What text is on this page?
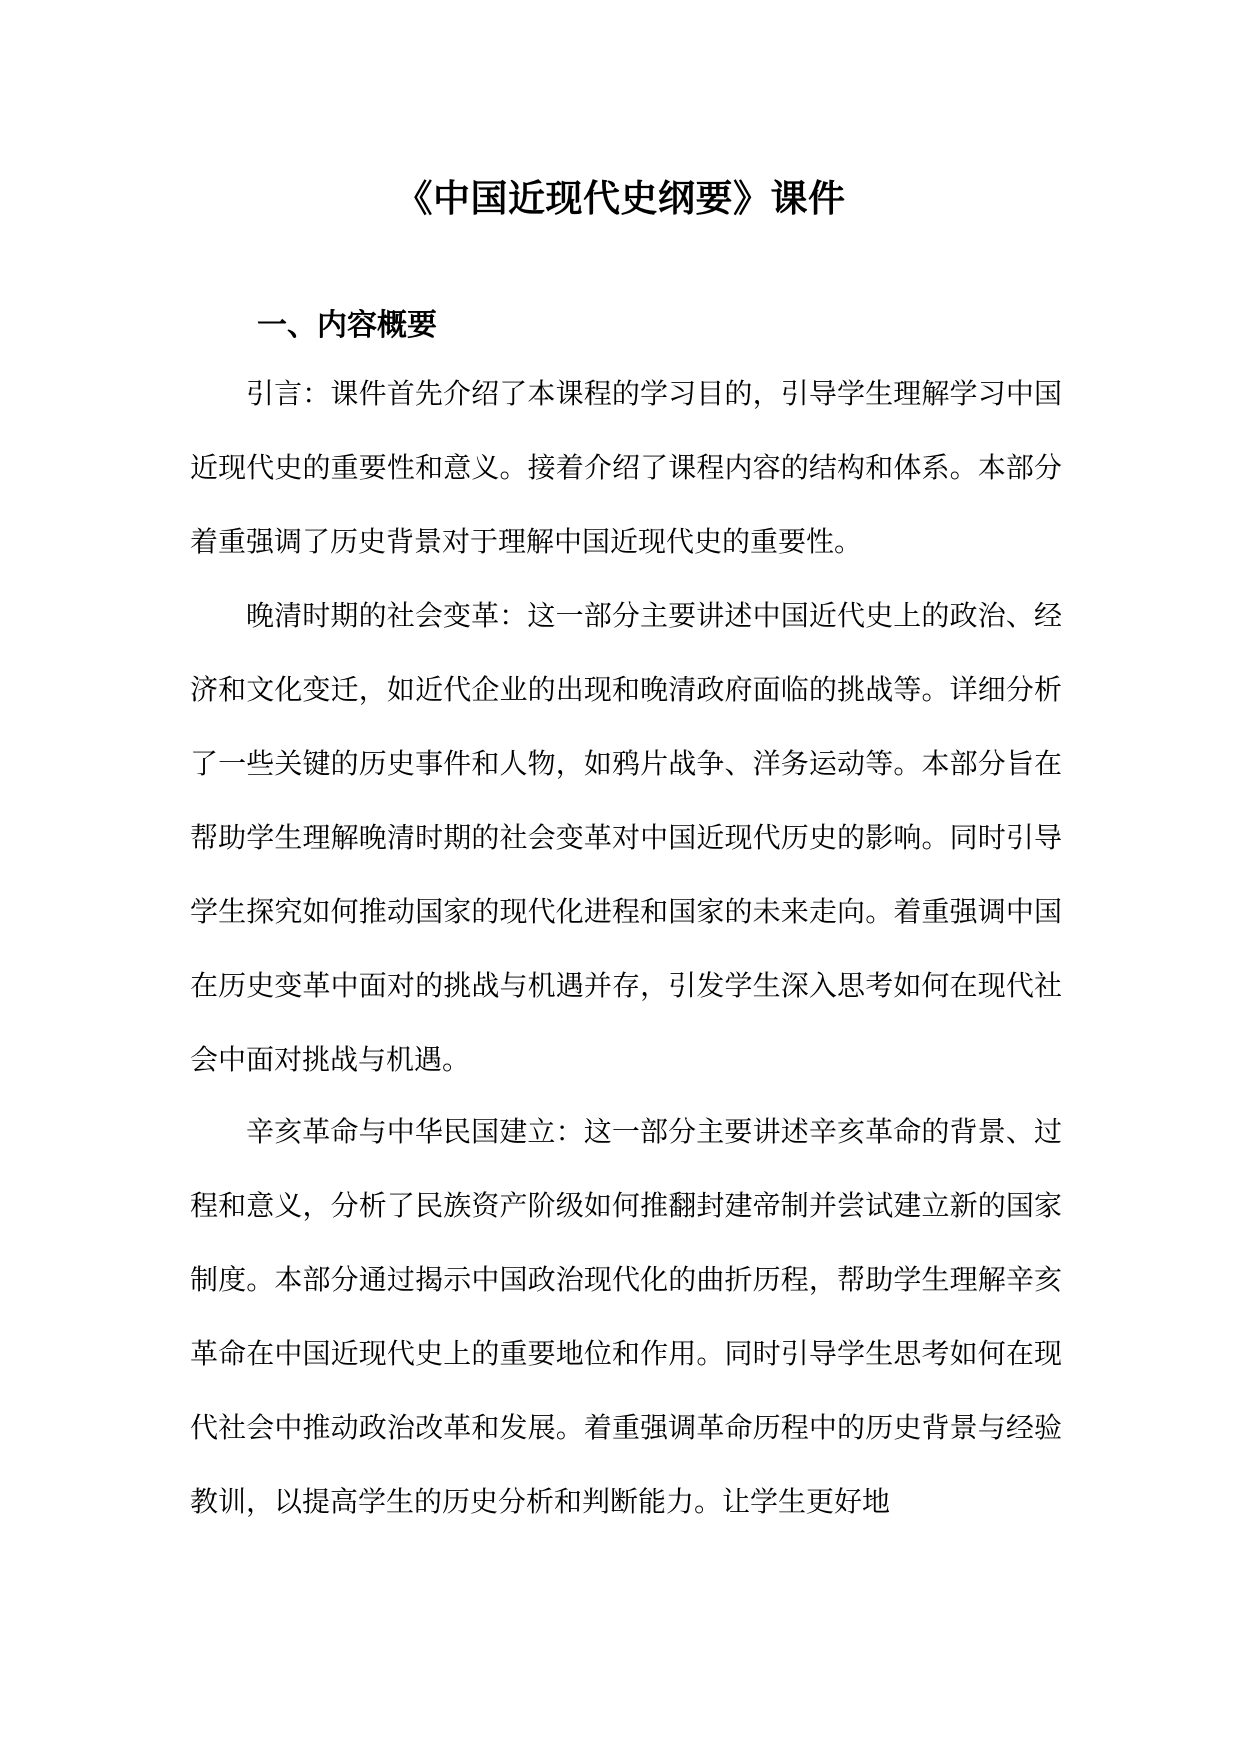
《中国近现代史纲要》课件
一、内容概要

引言：课件首先介绍了本课程的学习目的，引导学生理解学习中国近现代史的重要性和意义。接着介绍了课程内容的结构和体系。本部分着重强调了历史背景对于理解中国近现代史的重要性。

晚清时期的社会变革：这一部分主要讲述中国近代史上的政治、经济和文化变迁，如近代企业的出现和晚清政府面临的挑战等。详细分析了一些关键的历史事件和人物，如鸦片战争、洋务运动等。本部分旨在帮助学生理解晚清时期的社会变革对中国近现代历史的影响。同时引导学生探究如何推动国家的现代化进程和国家的未来走向。着重强调中国在历史变革中面对的挑战与机遇并存，引发学生深入思考如何在现代社会中面对挑战与机遇。

辛亥革命与中华民国建立：这一部分主要讲述辛亥革命的背景、过程和意义，分析了民族资产阶级如何推翻封建帝制并尝试建立新的国家制度。本部分通过揭示中国政治现代化的曲折历程，帮助学生理解辛亥革命在中国近现代史上的重要地位和作用。同时引导学生思考如何在现代社会中推动政治改革和发展。着重强调革命历程中的历史背景与经验教训，以提高学生的历史分析和判断能力。让学生更好地
